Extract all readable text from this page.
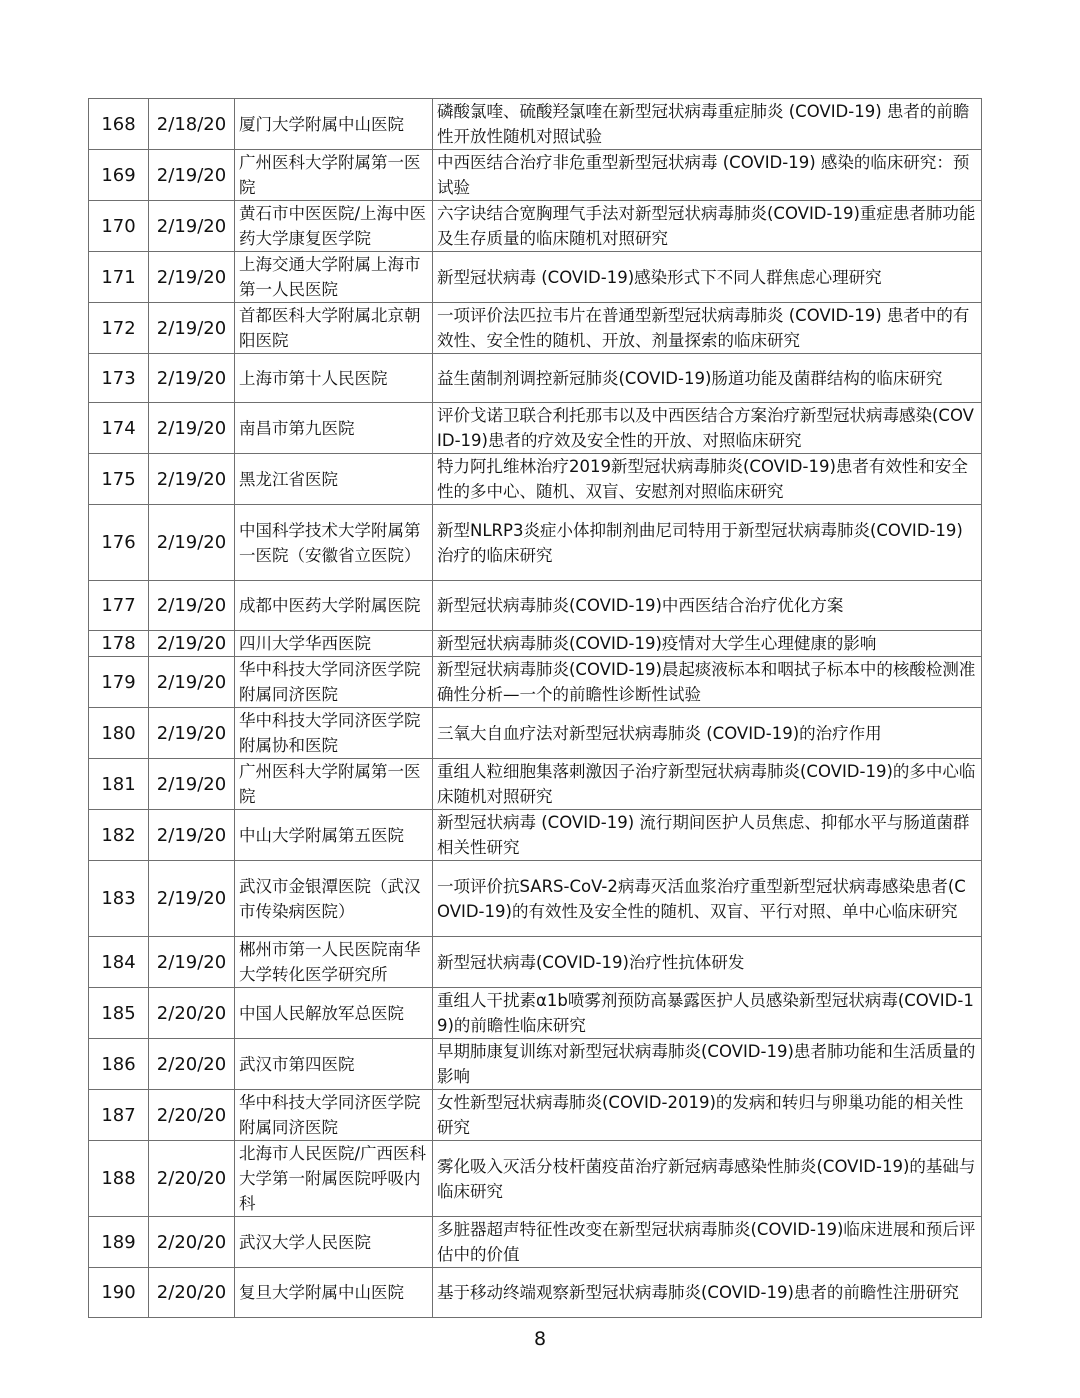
168	2/18/20	厦门大学附属中山医院	磷酸氯喹、硫酸羟氯喹在新型冠状病毒重症肺炎 (COVID-19) 患者的前瞻性开放性随机对照试验
169	2/19/20	广州医科大学附属第一医院	中西医结合治疗非危重型新型冠状病毒 (COVID-19) 感染的临床研究：预试验
170	2/19/20	黄石市中医医院/上海中医药大学康复医学院	六字诀结合宽胸理气手法对新型冠状病毒肺炎(COVID-19)重症患者肺功能及生存质量的临床随机对照研究
171	2/19/20	上海交通大学附属上海市第一人民医院	新型冠状病毒 (COVID-19)感染形式下不同人群焦虑心理研究
172	2/19/20	首都医科大学附属北京朝阳医院	一项评价法匹拉韦片在普通型新型冠状病毒肺炎 (COVID-19) 患者中的有效性、安全性的随机、开放、剂量探索的临床研究
173	2/19/20	上海市第十人民医院	益生菌制剂调控新冠肺炎(COVID-19)肠道功能及菌群结构的临床研究
174	2/19/20	南昌市第九医院	评价戈诺卫联合利托那韦以及中西医结合方案治疗新型冠状病毒感染(COVID-19)患者的疗效及安全性的开放、对照临床研究
175	2/19/20	黑龙江省医院	特力阿扎维林治疗2019新型冠状病毒肺炎(COVID-19)患者有效性和安全性的多中心、随机、双盲、安慰剂对照临床研究
176	2/19/20	中国科学技术大学附属第一医院（安徽省立医院）	新型NLRP3炎症小体抑制剂曲尼司特用于新型冠状病毒肺炎(COVID-19)治疗的临床研究
177	2/19/20	成都中医药大学附属医院	新型冠状病毒肺炎(COVID-19)中西医结合治疗优化方案
178	2/19/20	四川大学华西医院	新型冠状病毒肺炎(COVID-19)疫情对大学生心理健康的影响
179	2/19/20	华中科技大学同济医学院附属同济医院	新型冠状病毒肺炎(COVID-19)晨起痰液标本和咽拭子标本中的核酸检测准确性分析—一个的前瞻性诊断性试验
180	2/19/20	华中科技大学同济医学院附属协和医院	三氧大自血疗法对新型冠状病毒肺炎 (COVID-19)的治疗作用
181	2/19/20	广州医科大学附属第一医院	重组人粒细胞集落刺激因子治疗新型冠状病毒肺炎(COVID-19)的多中心临床随机对照研究
182	2/19/20	中山大学附属第五医院	新型冠状病毒 (COVID-19) 流行期间医护人员焦虑、抑郁水平与肠道菌群相关性研究
183	2/19/20	武汉市金银潭医院（武汉市传染病医院）	一项评价抗SARS-CoV-2病毒灭活血浆治疗重型新型冠状病毒感染患者(COVID-19)的有效性及安全性的随机、双盲、平行对照、单中心临床研究
184	2/19/20	郴州市第一人民医院南华大学转化医学研究所	新型冠状病毒(COVID-19)治疗性抗体研发
185	2/20/20	中国人民解放军总医院	重组人干扰素α1b喷雾剂预防高暴露医护人员感染新型冠状病毒(COVID-19)的前瞻性临床研究
186	2/20/20	武汉市第四医院	早期肺康复训练对新型冠状病毒肺炎(COVID-19)患者肺功能和生活质量的影响
187	2/20/20	华中科技大学同济医学院附属同济医院	女性新型冠状病毒肺炎(COVID-2019)的发病和转归与卵巢功能的相关性研究
188	2/20/20	北海市人民医院/广西医科大学第一附属医院呼吸内科	雾化吸入灭活分枝杆菌疫苗治疗新冠病毒感染性肺炎(COVID-19)的基础与临床研究
189	2/20/20	武汉大学人民医院	多脏器超声特征性改变在新型冠状病毒肺炎(COVID-19)临床进展和预后评估中的价值
190	2/20/20	复旦大学附属中山医院	基于移动终端观察新型冠状病毒肺炎(COVID-19)患者的前瞻性注册研究
8
